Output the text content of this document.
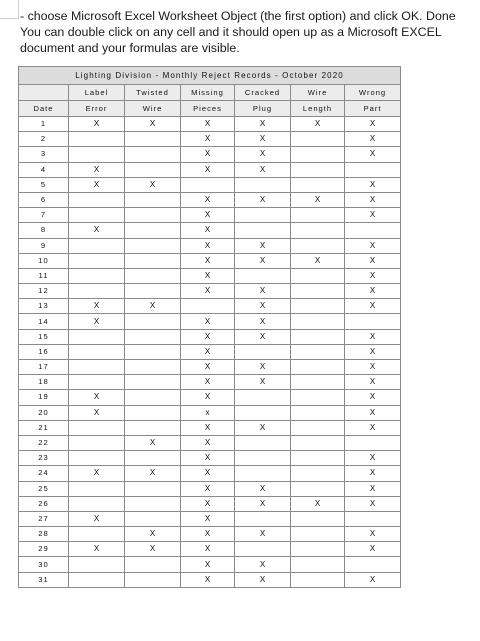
- choose Microsoft Excel Worksheet Object (the first option) and click OK. Done
You can double click on any cell and it should open up as a Microsoft EXCEL
document and your formulas are visible.
Lighting Division - Monthly Reject Records - October 2020						
	Label	Twisted	Missing	Cracked	Wire	Wrong
Date	Error	Wire	Pieces	Plug	Length	Part
1	X	X	X	X	X	X
2			X	X		X
3			X	X		X
4	X		X	X		
5	X	X				X
6			X	X	X	X
7			X			X
8	X		X			
9			X	X		X
10			X	X	X	X
11			X			X
12			X	X		X
13	X	X		X		X
14	X		X	X		
15			X	X		X
16			X			X
17			X	X		X
18			X	X		X
19	X		X			X
20	X		x			X
21			X	X		X
22		X	X			
23			X			X
24	X	X	X			X
25			X	X		X
26			X	X	X	X
27	X		X			
28		X	X	X		X
29	X	X	X			X
30			X	X		
31			X	X		X
